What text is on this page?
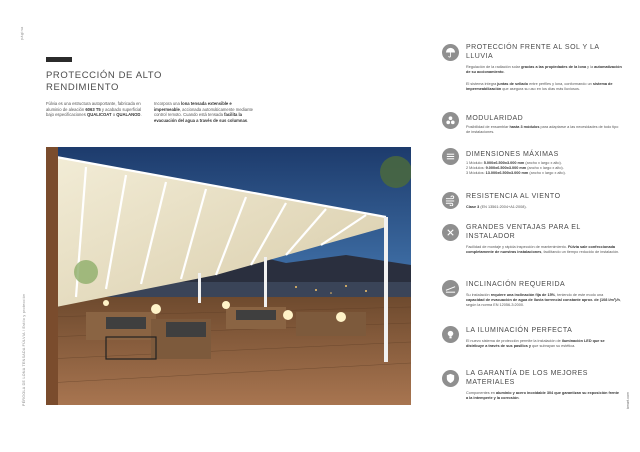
página
PÉRGOLA DE LONA TENSADA FÚLVIA / Estilo y protección	bmart.com
PROTECCIÓN DE ALTO RENDIMIENTO
Fúlvia es una estructura autoportante, fabricada en aluminio de aleación 6063 T5 y acabado superficial bajo especificaciones QUALICOAT o QUALANOD.
Incorpora una lona tensada extensible e impermeable, accionada automáticamente mediante control remoto. Cuando está tensada facilita la evacuación del agua a través de sus columnas.
PROTECCIÓN FRENTE AL SOL Y LA LLUVIA

Regulación de la radiación solar gracias a las propiedades de la lona y la automatización de su accionamiento.

El sistema integra juntas de sellado entre perfiles y lona, conformando un sistema de impermeabilización que asegura su uso en los días más lluviosos.

MODULARIDAD

Posibilidad de ensamblar hasta 3 módulos para adaptarse a las necesidades de todo tipo de instalaciones.

DIMENSIONES MÁXIMAS

1 Módulo: 5.000x6.500x3.000 mm (ancho x largo x alto).
2 Módulos: 9.000x6.500x3.000 mm (ancho x largo x alto).
3 Módulos: 13.000x6.500x3.000 mm (ancho x largo x alto).

RESISTENCIA AL VIENTO

Clase 3 (EN 13561:2004+A1:2008).

GRANDES VENTAJAS PARA EL INSTALADOR

Facilidad de montaje y rápida inspección de mantenimiento. Fúlvia sale confeccionada completamente de nuestras instalaciones, facilitando un tiempo reducido de instalación.

INCLINACIÓN REQUERIDA

Su instalación requiere una inclinación fija de 15%, teniendo de este modo una capacidad de evacuación de agua de lluvia torrencial constante aprox. de (108 l/m²)/h, según la norma EN 12056-3:2000.

LA ILUMINACIÓN PERFECTA

El nuevo sistema de protección permite la instalación de iluminación LED que se distribuye a través de sus pasillos y que subrayan su estética.

LA GARANTÍA DE LOS MEJORES MATERIALES

Componentes en aluminio y acero inoxidable 304 que garantizan su exposición frente a la intemperie y la corrosión.
